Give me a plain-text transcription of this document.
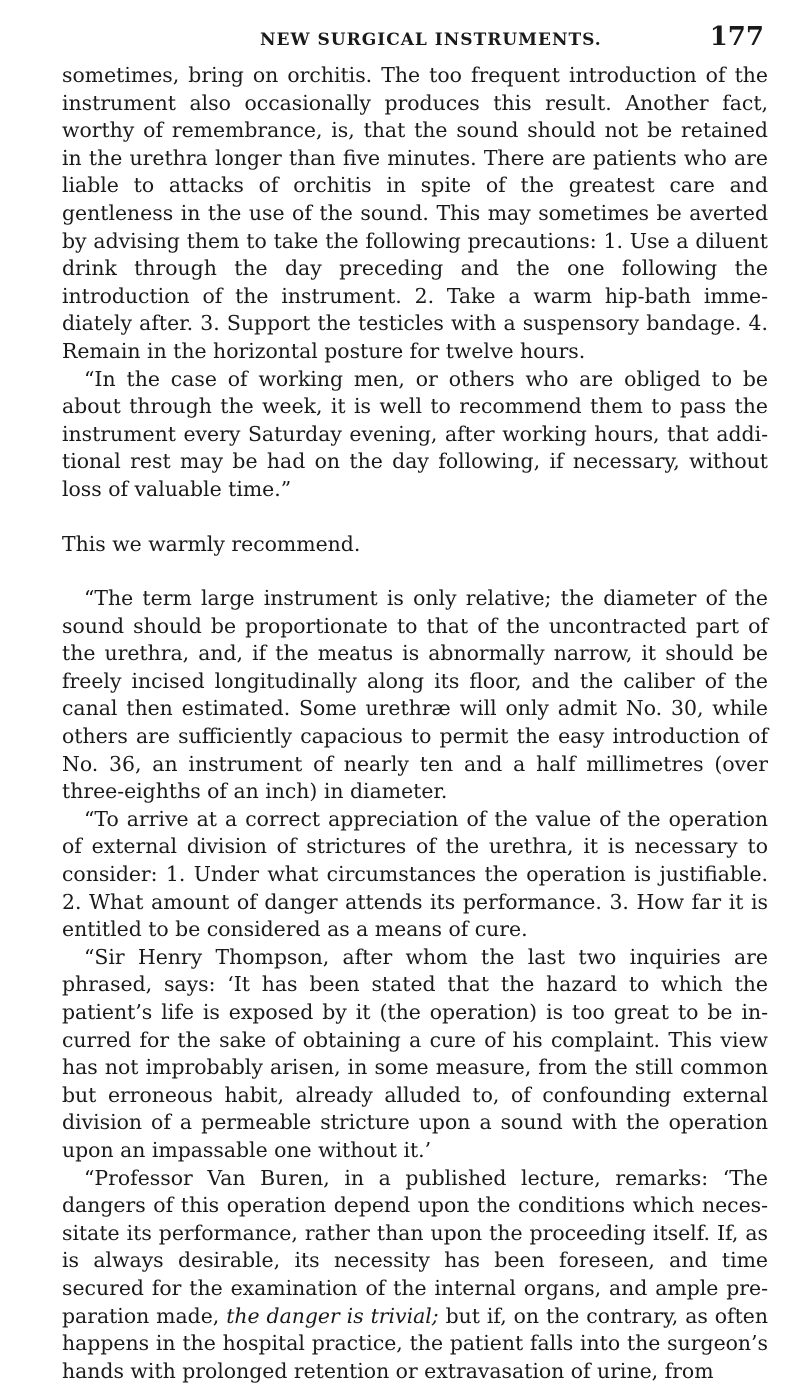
NEW SURGICAL INSTRUMENTS.	177

sometimes, bring on orchitis. The too frequent introduction of the instrument also occasionally produces this result. Another fact, worthy of remembrance, is, that the sound should not be retained in the urethra longer than five minutes. There are patients who are liable to attacks of orchitis in spite of the greatest care and gentleness in the use of the sound. This may sometimes be averted by advising them to take the following precautions: 1. Use a diluent drink through the day preceding and the one following the introduction of the instrument. 2. Take a warm hip-bath immediately after. 3. Support the testicles with a suspensory bandage. 4. Remain in the horizontal posture for twelve hours.

“In the case of working men, or others who are obliged to be about through the week, it is well to recommend them to pass the instrument every Saturday evening, after working hours, that additional rest may be had on the day following, if necessary, without loss of valuable time.”

This we warmly recommend.

“The term large instrument is only relative; the diameter of the sound should be proportionate to that of the uncontracted part of the urethra, and, if the meatus is abnormally narrow, it should be freely incised longitudinally along its floor, and the caliber of the canal then estimated. Some urethræ will only admit No. 30, while others are sufficiently capacious to permit the easy introduction of No. 36, an instrument of nearly ten and a half millimetres (over three-eighths of an inch) in diameter.

“To arrive at a correct appreciation of the value of the operation of external division of strictures of the urethra, it is necessary to consider: 1. Under what circumstances the operation is justifiable. 2. What amount of danger attends its performance. 3. How far it is entitled to be considered as a means of cure.

“Sir Henry Thompson, after whom the last two inquiries are phrased, says: ‘It has been stated that the hazard to which the patient’s life is exposed by it (the operation) is too great to be incurred for the sake of obtaining a cure of his complaint. This view has not improbably arisen, in some measure, from the still common but erroneous habit, already alluded to, of confounding external division of a permeable stricture upon a sound with the operation upon an impassable one without it.’

“Professor Van Buren, in a published lecture, remarks: ‘The dangers of this operation depend upon the conditions which necessitate its performance, rather than upon the proceeding itself. If, as is always desirable, its necessity has been foreseen, and time secured for the examination of the internal organs, and ample preparation made, the danger is trivial; but if, on the contrary, as often happens in the hospital practice, the patient falls into the surgeon’s hands with prolonged retention or extravasation of urine, from
